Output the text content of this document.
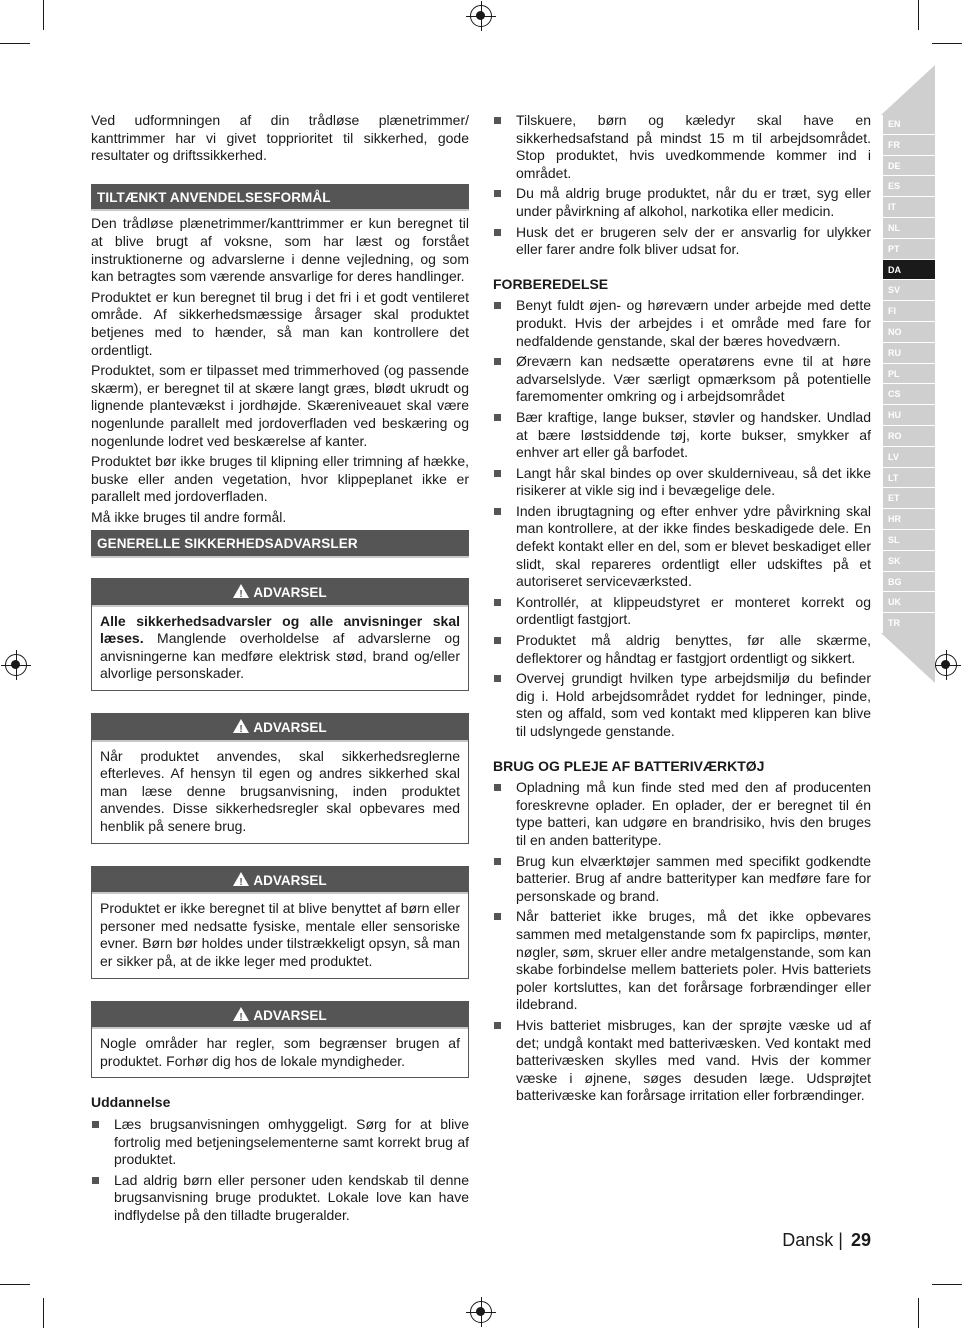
Ved udformningen af din trådløse plænetrimmer/ kanttrimmer har vi givet topprioritet til sikkerhed, gode resultater og driftssikkerhed.

TILTÆNKT ANVENDELSESFORMÅL

Den trådløse plænetrimmer/kanttrimmer er kun beregnet til at blive brugt af voksne, som har læst og forstået instruktionerne og advarslerne i denne vejledning, og som kan betragtes som værende ansvarlige for deres handlinger.

Produktet er kun beregnet til brug i det fri i et godt ventileret område. Af sikkerhedsmæssige årsager skal produktet betjenes med to hænder, så man kan kontrollere det ordentligt.

Produktet, som er tilpasset med trimmerhoved (og passende skærm), er beregnet til at skære langt græs, blødt ukrudt og lignende plantevækst i jordhøjde. Skæreniveauet skal være nogenlunde parallelt med jordoverfladen ved beskæring og nogenlunde lodret ved beskærelse af kanter.

Produktet bør ikke bruges til klipning eller trimning af hække, buske eller anden vegetation, hvor klippeplanet ikke er parallelt med jordoverfladen.

Må ikke bruges til andre formål.

GENERELLE SIKKERHEDSADVARSLER
!ADVARSEL
Alle sikkerhedsadvarsler og alle anvisninger skal læses. Manglende overholdelse af advarslerne og anvisningerne kan medføre elektrisk stød, brand og/eller alvorlige personskader.
!ADVARSEL
Når produktet anvendes, skal sikkerhedsreglerne efterleves. Af hensyn til egen og andres sikkerhed skal man læse denne brugsanvisning, inden produktet anvendes. Disse sikkerhedsregler skal opbevares med henblik på senere brug.
!ADVARSEL
Produktet er ikke beregnet til at blive benyttet af børn eller personer med nedsatte fysiske, mentale eller sensoriske evner. Børn bør holdes under tilstrækkeligt opsyn, så man er sikker på, at de ikke leger med produktet.
!ADVARSEL
Nogle områder har regler, som begrænser brugen af produktet. Forhør dig hos de lokale myndigheder.
Uddannelse
Læs brugsanvisningen omhyggeligt. Sørg for at blive fortrolig med betjeningselementerne samt korrekt brug af produktet.
Lad aldrig børn eller personer uden kendskab til denne brugsanvisning bruge produktet. Lokale love kan have indflydelse på den tilladte brugeralder.
Tilskuere, børn og kæledyr skal have en sikkerhedsafstand på mindst 15 m til arbejdsområdet. Stop produktet, hvis uvedkommende kommer ind i området.
Du må aldrig bruge produktet, når du er træt, syg eller under påvirkning af alkohol, narkotika eller medicin.
Husk det er brugeren selv der er ansvarlig for ulykker eller farer andre folk bliver udsat for.
FORBEREDELSE
Benyt fuldt øjen- og høreværn under arbejde med dette produkt. Hvis der arbejdes i et område med fare for nedfaldende genstande, skal der bæres hovedværn.
Øreværn kan nedsætte operatørens evne til at høre advarselslyde. Vær særligt opmærksom på potentielle faremomenter omkring og i arbejdsområdet
Bær kraftige, lange bukser, støvler og handsker. Undlad at bære løstsiddende tøj, korte bukser, smykker af enhver art eller gå barfodet.
Langt hår skal bindes op over skulderniveau, så det ikke risikerer at vikle sig ind i bevægelige dele.
Inden ibrugtagning og efter enhver ydre påvirkning skal man kontrollere, at der ikke findes beskadigede dele. En defekt kontakt eller en del, som er blevet beskadiget eller slidt, skal repareres ordentligt eller udskiftes på et autoriseret serviceværksted.
Kontrollér, at klippeudstyret er monteret korrekt og ordentligt fastgjort.
Produktet må aldrig benyttes, før alle skærme, deflektorer og håndtag er fastgjort ordentligt og sikkert.
Overvej grundigt hvilken type arbejdsmiljø du befinder dig i. Hold arbejdsområdet ryddet for ledninger, pinde, sten og affald, som ved kontakt med klipperen kan blive til udslyngede genstande.
BRUG OG PLEJE AF BATTERIVÆRKTØJ
Opladning må kun finde sted med den af producenten foreskrevne oplader. En oplader, der er beregnet til én type batteri, kan udgøre en brandrisiko, hvis den bruges til en anden batteritype.
Brug kun elværktøjer sammen med specifikt godkendte batterier. Brug af andre batterityper kan medføre fare for personskade og brand.
Når batteriet ikke bruges, må det ikke opbevares sammen med metalgenstande som fx papirclips, mønter, nøgler, søm, skruer eller andre metalgenstande, som kan skabe forbindelse mellem batteriets poler. Hvis batteriets poler kortsluttes, kan det forårsage forbrændinger eller ildebrand.
Hvis batteriet misbruges, kan der sprøjte væske ud af det; undgå kontakt med batterivæsken. Ved kontakt med batterivæsken skylles med vand. Hvis der kommer væske i øjnene, søges desuden læge. Udsprøjtet batterivæske kan forårsage irritation eller forbrændinger.
EN
FR
DE
ES
IT
NL
PT
DA
SV
FI
NO
RU
PL
CS
HU
RO
LV
LT
ET
HR
SL
SK
BG
UK
TR
Dansk | 29
